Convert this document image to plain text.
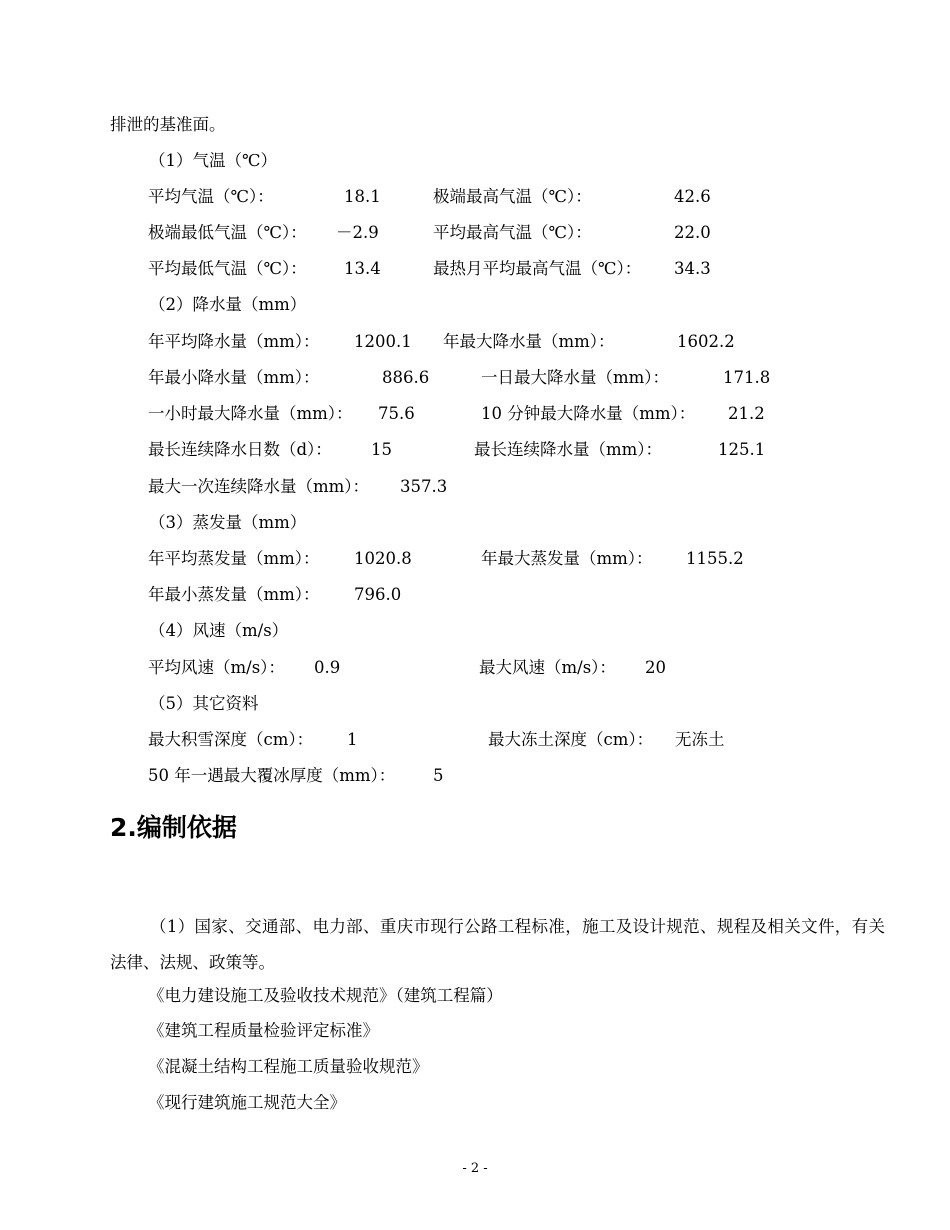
排泄的基准面。
（1）气温（℃）
平均气温（℃）：	18.1	极端最高气温（℃）：	42.6
极端最低气温（℃）： －2.9	平均最高气温（℃）：	22.0
平均最低气温（℃）： 13.4	最热月平均最高气温（℃）： 34.3
（2）降水量（mm）
年平均降水量（mm）： 1200.1 年最大降水量（mm）：	1602.2
年最小降水量（mm）：	886.6	一日最大降水量（mm）：	171.8
一小时最大降水量（mm）： 75.6	10 分钟最大降水量（mm）： 21.2
最长连续降水日数（d）： 15	最长连续降水量（mm）：	125.1
最大一次连续降水量（mm）： 357.3
（3）蒸发量（mm）
年平均蒸发量（mm）： 1020.8	年最大蒸发量（mm）： 1155.2
年最小蒸发量（mm）： 796.0
（4）风速（m/s）
平均风速（m/s）： 0.9	最大风速（m/s）： 20
（5）其它资料
最大积雪深度（cm）： 1	最大冻土深度（cm）： 无冻土
50 年一遇最大覆冰厚度（mm）： 5
2.编制依据
（1）国家、交通部、电力部、重庆市现行公路工程标准，施工及设计规范、规程及相关文件，有关法律、法规、政策等。
《电力建设施工及验收技术规范》（建筑工程篇）
《建筑工程质量检验评定标准》
《混凝土结构工程施工质量验收规范》
《现行建筑施工规范大全》
- 2 -
